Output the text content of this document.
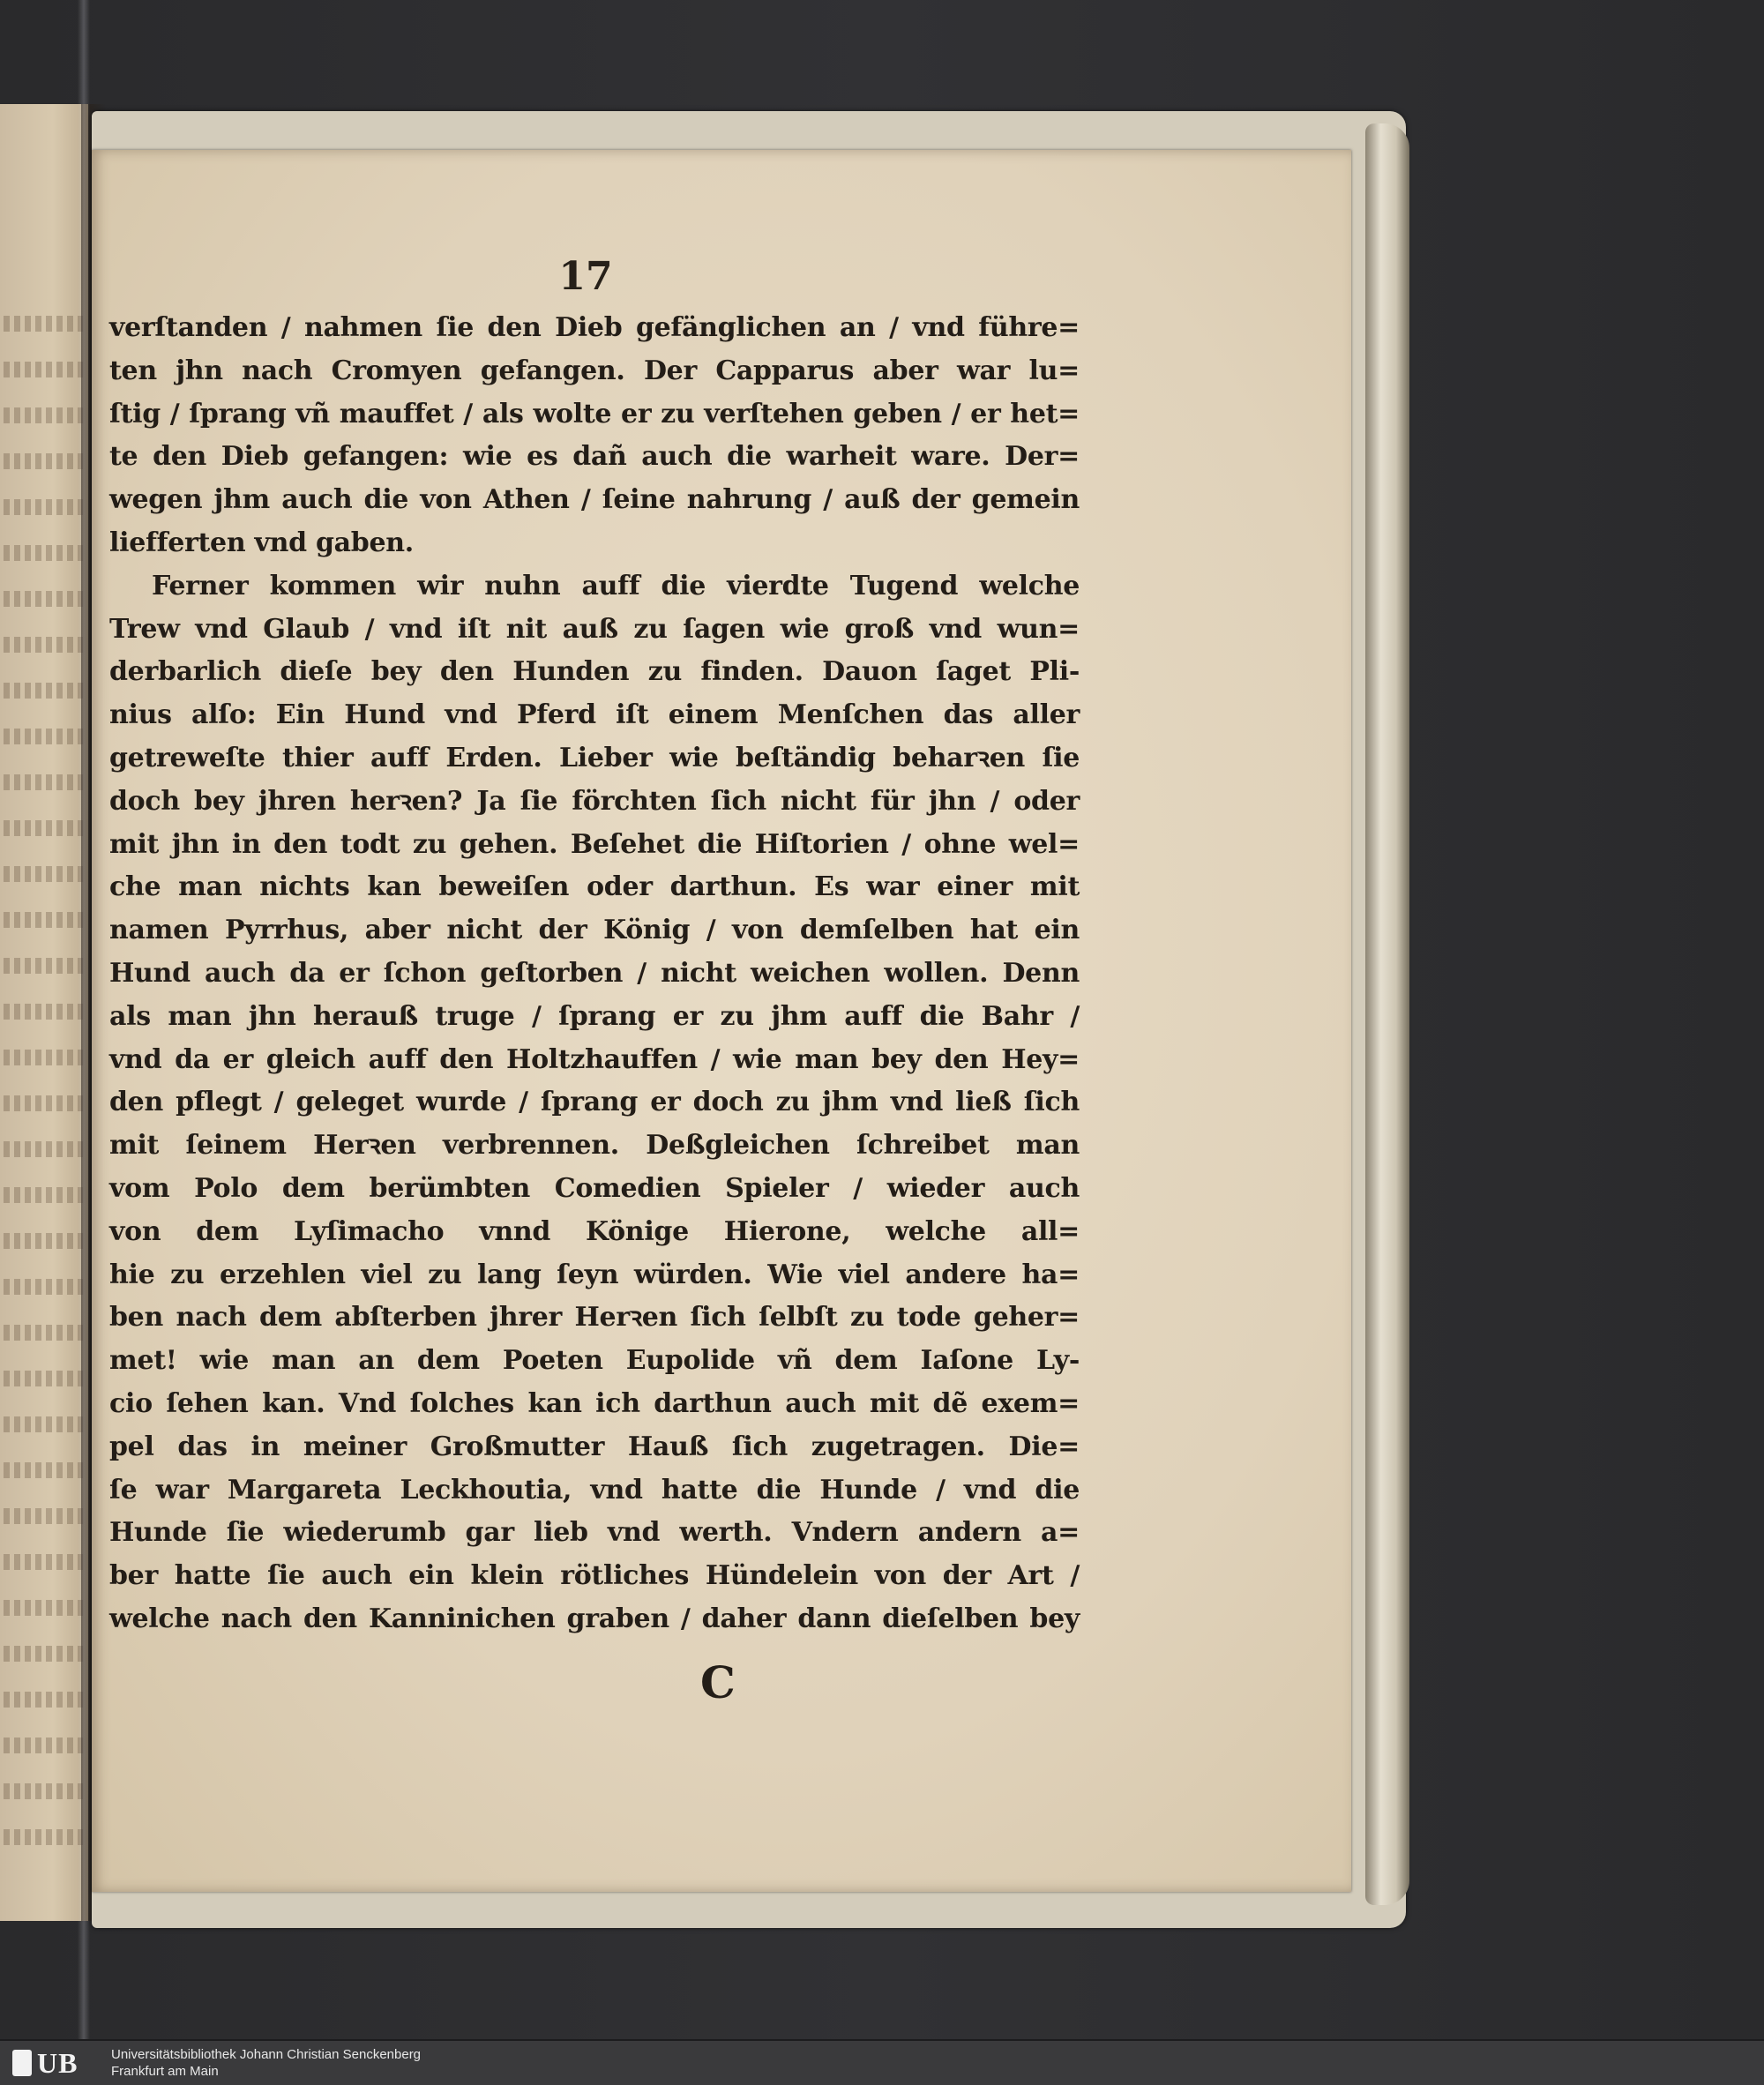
17
verſtanden / nahmen ſie den Dieb gefänglichen an / vnd führe=
ten jhn nach Cromyen gefangen. Der Capparus aber war lu=
ſtig / ſprang vñ mauffet / als wolte er zu verſtehen geben / er het=
te den Dieb gefangen: wie es dañ auch die warheit ware. Der=
wegen jhm auch die von Athen / ſeine nahrung / auß der gemein
liefferten vnd gaben.
Ferner kommen wir nuhn auff die vierdte Tugend welche
Trew vnd Glaub / vnd iſt nit auß zu ſagen wie groß vnd wun=
derbarlich dieſe bey den Hunden zu finden. Dauon ſaget Pli-
nius alſo: Ein Hund vnd Pferd iſt einem Menſchen das aller
getreweſte thier auff Erden. Lieber wie beſtändig beharꝛen ſie
doch bey jhren herꝛen? Ja ſie förchten ſich nicht für jhn / oder
mit jhn in den todt zu gehen. Beſehet die Hiſtorien / ohne wel=
che man nichts kan beweiſen oder darthun. Es war einer mit
namen Pyrrhus, aber nicht der König / von demſelben hat ein
Hund auch da er ſchon geſtorben / nicht weichen wollen. Denn
als man jhn herauß truge / ſprang er zu jhm auff die Bahr /
vnd da er gleich auff den Holtzhauffen / wie man bey den Hey=
den pflegt / geleget wurde / ſprang er doch zu jhm vnd ließ ſich
mit ſeinem Herꝛen verbrennen. Deßgleichen ſchreibet man
vom Polo dem berümbten Comedien Spieler / wieder auch
von dem Lyſimacho vnnd Könige Hierone, welche all=
hie zu erzehlen viel zu lang ſeyn würden. Wie viel andere ha=
ben nach dem abſterben jhrer Herꝛen ſich ſelbſt zu tode geher=
met! wie man an dem Poeten Eupolide vñ dem Iaſone Ly-
cio ſehen kan. Vnd ſolches kan ich darthun auch mit dẽ exem=
pel das in meiner Großmutter Hauß ſich zugetragen. Die=
ſe war Margareta Leckhoutia, vnd hatte die Hunde / vnd die
Hunde ſie wiederumb gar lieb vnd werth. Vndern andern a=
ber hatte ſie auch ein klein rötliches Hündelein von der Art /
welche nach den Kanninichen graben / daher dann dieſelben bey
C
UB	Universitätsbibliothek Johann Christian Senckenberg
Frankfurt am Main
